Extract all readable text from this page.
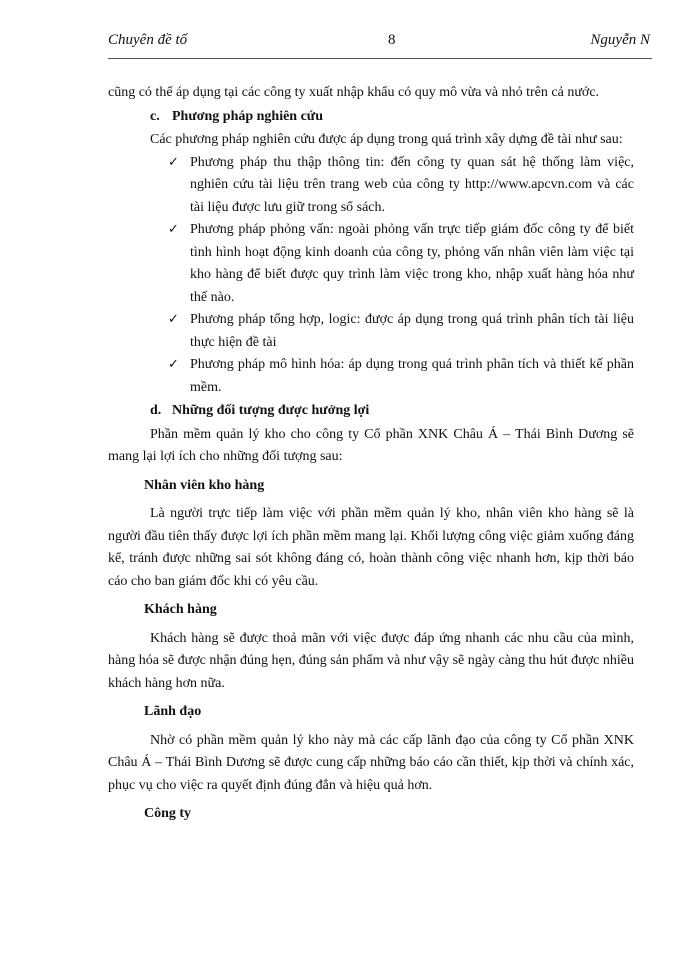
Chuyên đề tố	8	Nguyễn N

cũng có thể áp dụng tại các công ty xuất nhập khẩu có quy mô vừa và nhỏ trên cả nước.

c. Phương pháp nghiên cứu

Các phương pháp nghiên cứu được áp dụng trong quá trình xây dựng đề tài như sau:

✓ Phương pháp thu thập thông tin: đến công ty quan sát hệ thống làm việc, nghiên cứu tài liệu trên trang web của công ty http://www.apcvn.com và các tài liệu được lưu giữ trong sổ sách.
✓ Phương pháp phỏng vấn: ngoài phỏng vấn trực tiếp giám đốc công ty để biết tình hình hoạt động kinh doanh của công ty, phỏng vấn nhân viên làm việc tại kho hàng để biết được quy trình làm việc trong kho, nhập xuất hàng hóa như thế nào.
✓ Phương pháp tổng hợp, logic: được áp dụng trong quá trình phân tích tài liệu thực hiện đề tài
✓ Phương pháp mô hình hóa: áp dụng trong quá trình phân tích và thiết kế phần mềm.

d. Những đối tượng được hưởng lợi

Phần mềm quản lý kho cho công ty Cổ phần XNK Châu Á – Thái Bình Dương sẽ mang lại lợi ích cho những đối tượng sau:

Nhân viên kho hàng

Là người trực tiếp làm việc với phần mềm quản lý kho, nhân viên kho hàng sẽ là người đầu tiên thấy được lợi ích phần mềm mang lại. Khối lượng công việc giảm xuống đáng kể, tránh được những sai sót không đáng có, hoàn thành công việc nhanh hơn, kịp thời báo cáo cho ban giám đốc khi có yêu cầu.

Khách hàng

Khách hàng sẽ được thoả mãn với việc được đáp ứng nhanh các nhu cầu của mình, hàng hóa sẽ được nhận đúng hẹn, đúng sản phẩm và như vậy sẽ ngày càng thu hút được nhiều khách hàng hơn nữa.

Lãnh đạo

Nhờ có phần mềm quản lý kho này mà các cấp lãnh đạo của công ty Cổ phần XNK Châu Á – Thái Bình Dương sẽ được cung cấp những báo cáo cần thiết, kịp thời và chính xác, phục vụ cho việc ra quyết định đúng đắn và hiệu quả hơn.

Công ty
